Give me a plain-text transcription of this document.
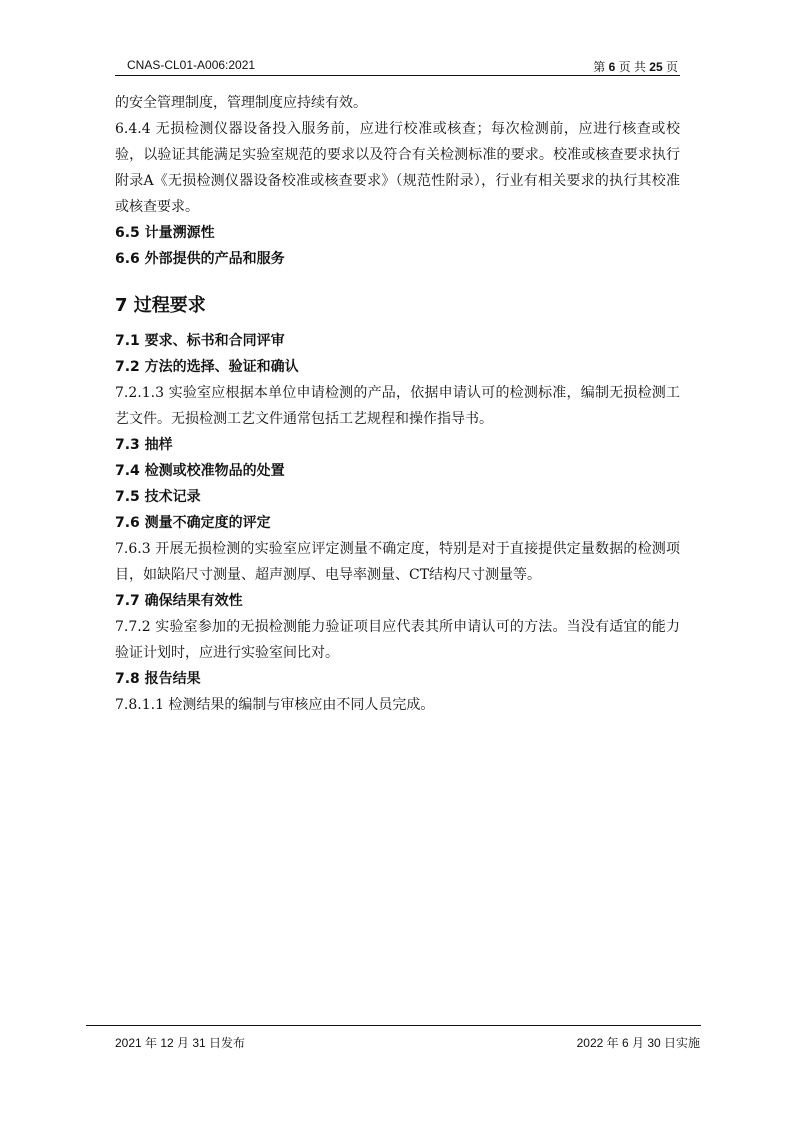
CNAS-CL01-A006:2021	第 6 页 共 25 页

的安全管理制度，管理制度应持续有效。

6.4.4 无损检测仪器设备投入服务前，应进行校准或核查；每次检测前，应进行核查或校验，以验证其能满足实验室规范的要求以及符合有关检测标准的要求。校准或核查要求执行附录A《无损检测仪器设备校准或核查要求》（规范性附录），行业有相关要求的执行其校准或核查要求。

6.5 计量溯源性
6.6 外部提供的产品和服务
7 过程要求
7.1 要求、标书和合同评审
7.2 方法的选择、验证和确认

7.2.1.3 实验室应根据本单位申请检测的产品，依据申请认可的检测标准，编制无损检测工艺文件。无损检测工艺文件通常包括工艺规程和操作指导书。

7.3 抽样
7.4 检测或校准物品的处置
7.5 技术记录
7.6 测量不确定度的评定

7.6.3 开展无损检测的实验室应评定测量不确定度，特别是对于直接提供定量数据的检测项目，如缺陷尺寸测量、超声测厚、电导率测量、CT结构尺寸测量等。

7.7 确保结果有效性

7.7.2 实验室参加的无损检测能力验证项目应代表其所申请认可的方法。当没有适宜的能力验证计划时，应进行实验室间比对。

7.8 报告结果

7.8.1.1 检测结果的编制与审核应由不同人员完成。

2021 年 12 月 31 日发布	2022 年 6 月 30 日实施
